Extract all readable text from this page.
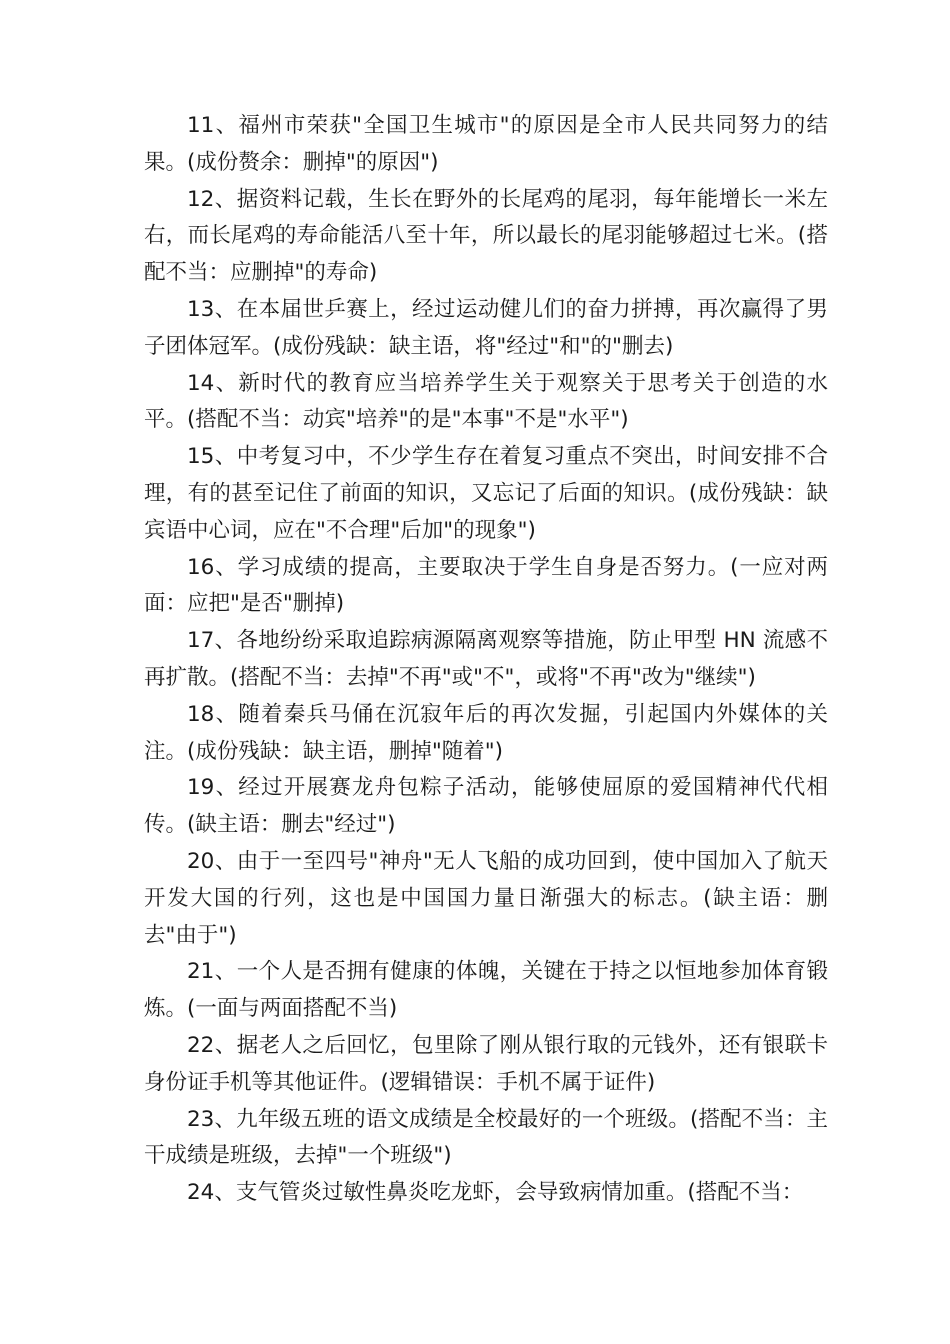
11、福州市荣获"全国卫生城市"的原因是全市人民共同努力的结果。(成份赘余：删掉"的原因")

12、据资料记载，生长在野外的长尾鸡的尾羽，每年能增长一米左右，而长尾鸡的寿命能活八至十年，所以最长的尾羽能够超过七米。(搭配不当：应删掉"的寿命)

13、在本届世乒赛上，经过运动健儿们的奋力拼搏，再次赢得了男子团体冠军。(成份残缺：缺主语，将"经过"和"的"删去)

14、新时代的教育应当培养学生关于观察关于思考关于创造的水平。(搭配不当：动宾"培养"的是"本事"不是"水平")

15、中考复习中，不少学生存在着复习重点不突出，时间安排不合理，有的甚至记住了前面的知识，又忘记了后面的知识。(成份残缺：缺宾语中心词，应在"不合理"后加"的现象")

16、学习成绩的提高，主要取决于学生自身是否努力。(一应对两面：应把"是否"删掉)

17、各地纷纷采取追踪病源隔离观察等措施，防止甲型 HN 流感不再扩散。(搭配不当：去掉"不再"或"不"，或将"不再"改为"继续")

18、随着秦兵马俑在沉寂年后的再次发掘，引起国内外媒体的关注。(成份残缺：缺主语，删掉"随着")

19、经过开展赛龙舟包粽子活动，能够使屈原的爱国精神代代相传。(缺主语：删去"经过")

20、由于一至四号"神舟"无人飞船的成功回到，使中国加入了航天开发大国的行列，这也是中国国力量日渐强大的标志。(缺主语：删去"由于")

21、一个人是否拥有健康的体魄，关键在于持之以恒地参加体育锻炼。(一面与两面搭配不当)

22、据老人之后回忆，包里除了刚从银行取的元钱外，还有银联卡身份证手机等其他证件。(逻辑错误：手机不属于证件)

23、九年级五班的语文成绩是全校最好的一个班级。(搭配不当：主干成绩是班级，去掉"一个班级")

24、支气管炎过敏性鼻炎吃龙虾，会导致病情加重。(搭配不当：
